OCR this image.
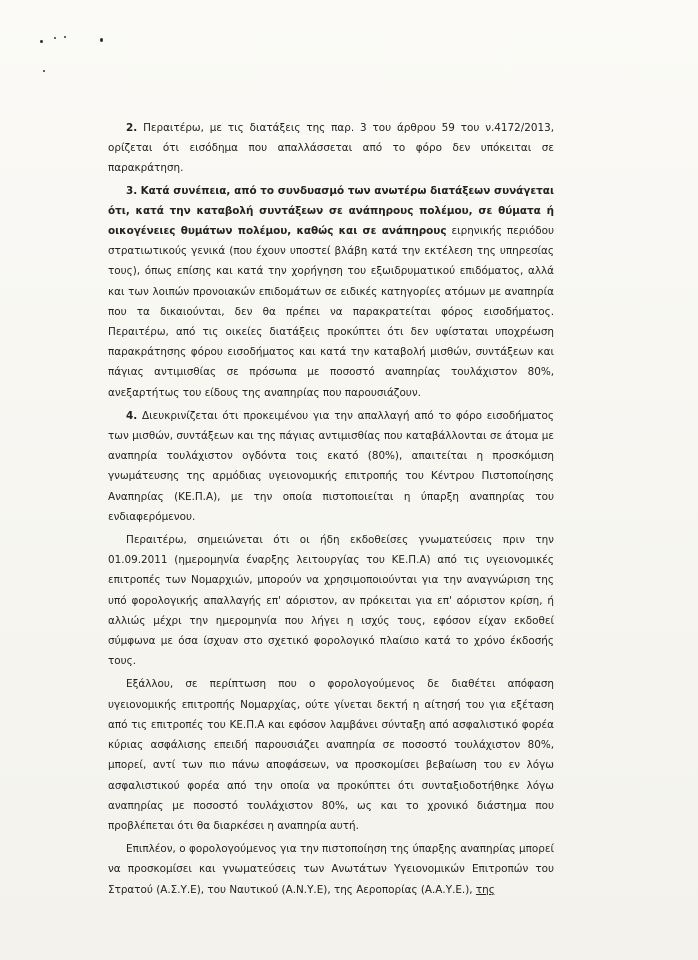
2. Περαιτέρω, με τις διατάξεις της παρ. 3 του άρθρου 59 του ν.4172/2013, ορίζεται ότι εισόδημα που απαλλάσσεται από το φόρο δεν υπόκειται σε παρακράτηση.

3. Κατά συνέπεια, από το συνδυασμό των ανωτέρω διατάξεων συνάγεται ότι, κατά την καταβολή συντάξεων σε ανάπηρους πολέμου, σε θύματα ή οικογένειες θυμάτων πολέμου, καθώς και σε ανάπηρους ειρηνικής περιόδου στρατιωτικούς γενικά (που έχουν υποστεί βλάβη κατά την εκτέλεση της υπηρεσίας τους), όπως επίσης και κατά την χορήγηση του εξωιδρυματικού επιδόματος, αλλά και των λοιπών προνοιακών επιδομάτων σε ειδικές κατηγορίες ατόμων με αναπηρία που τα δικαιούνται, δεν θα πρέπει να παρακρατείται φόρος εισοδήματος. Περαιτέρω, από τις οικείες διατάξεις προκύπτει ότι δεν υφίσταται υποχρέωση παρακράτησης φόρου εισοδήματος και κατά την καταβολή μισθών, συντάξεων και πάγιας αντιμισθίας σε πρόσωπα με ποσοστό αναπηρίας τουλάχιστον 80%, ανεξαρτήτως του είδους της αναπηρίας που παρουσιάζουν.

4. Διευκρινίζεται ότι προκειμένου για την απαλλαγή από το φόρο εισοδήματος των μισθών, συντάξεων και της πάγιας αντιμισθίας που καταβάλλονται σε άτομα με αναπηρία τουλάχιστον ογδόντα τοις εκατό (80%), απαιτείται η προσκόμιση γνωμάτευσης της αρμόδιας υγειονομικής επιτροπής του Κέντρου Πιστοποίησης Αναπηρίας (ΚΕ.Π.Α), με την οποία πιστοποιείται η ύπαρξη αναπηρίας του ενδιαφερόμενου.

Περαιτέρω, σημειώνεται ότι οι ήδη εκδοθείσες γνωματεύσεις πριν την 01.09.2011 (ημερομηνία έναρξης λειτουργίας του ΚΕ.Π.Α) από τις υγειονομικές επιτροπές των Νομαρχιών, μπορούν να χρησιμοποιούνται για την αναγνώριση της υπό φορολογικής απαλλαγής επ' αόριστον, αν πρόκειται για επ' αόριστον κρίση, ή αλλιώς μέχρι την ημερομηνία που λήγει η ισχύς τους, εφόσον είχαν εκδοθεί σύμφωνα με όσα ίσχυαν στο σχετικό φορολογικό πλαίσιο κατά το χρόνο έκδοσής τους.

Εξάλλου, σε περίπτωση που ο φορολογούμενος δε διαθέτει απόφαση υγειονομικής επιτροπής Νομαρχίας, ούτε γίνεται δεκτή η αίτησή του για εξέταση από τις επιτροπές του ΚΕ.Π.Α και εφόσον λαμβάνει σύνταξη από ασφαλιστικό φορέα κύριας ασφάλισης επειδή παρουσιάζει αναπηρία σε ποσοστό τουλάχιστον 80%, μπορεί, αντί των πιο πάνω αποφάσεων, να προσκομίσει βεβαίωση του εν λόγω ασφαλιστικού φορέα από την οποία να προκύπτει ότι συνταξιοδοτήθηκε λόγω αναπηρίας με ποσοστό τουλάχιστον 80%, ως και το χρονικό διάστημα που προβλέπεται ότι θα διαρκέσει η αναπηρία αυτή.

Επιπλέον, ο φορολογούμενος για την πιστοποίηση της ύπαρξης αναπηρίας μπορεί να προσκομίσει και γνωματεύσεις των Ανωτάτων Υγειονομικών Επιτροπών του Στρατού (Α.Σ.Υ.Ε), του Ναυτικού (Α.Ν.Υ.Ε), της Αεροπορίας (Α.Α.Υ.Ε.), της
